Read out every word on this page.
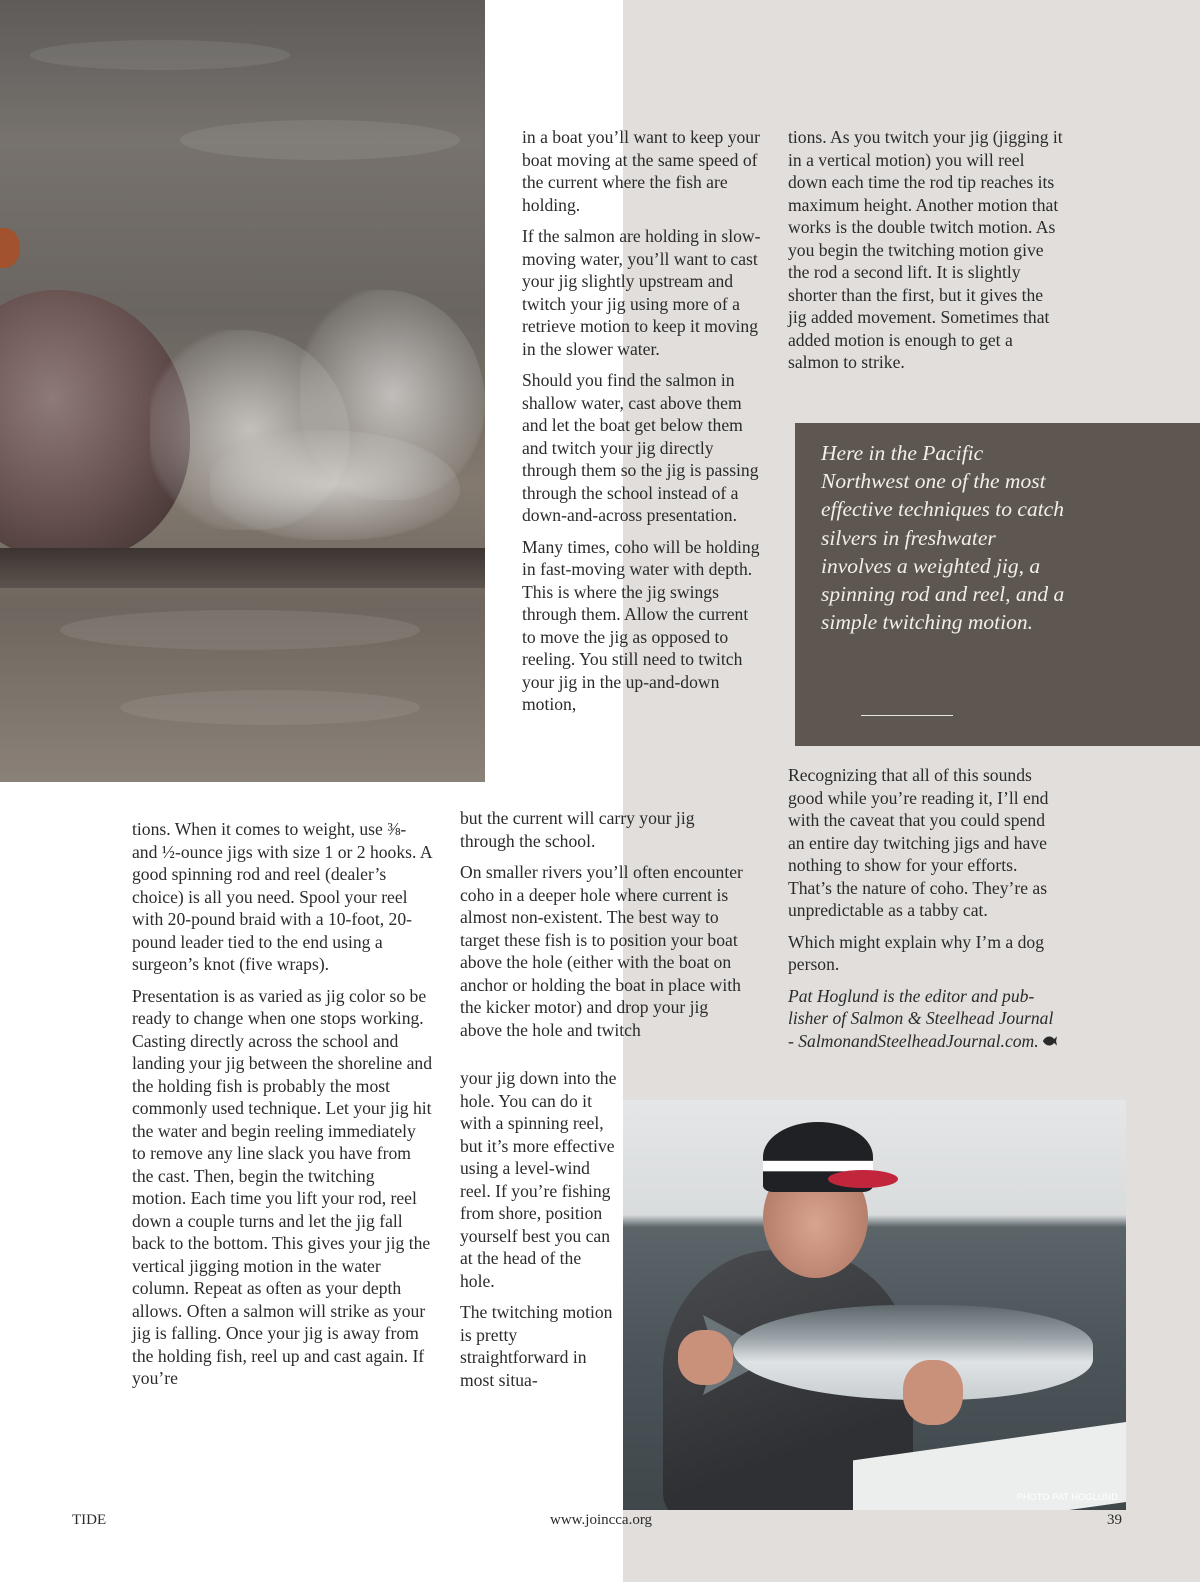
PHOTO PAT HOGLUND

tions. When it comes to weight, use ⅜- and ½-ounce jigs with size 1 or 2 hooks. A good spinning rod and reel (dealer’s choice) is all you need. Spool your reel with 20-pound braid with a 10-foot, 20-pound leader tied to the end using a surgeon’s knot (five wraps).

Presentation is as varied as jig color so be ready to change when one stops working. Casting directly across the school and landing your jig between the shoreline and the holding fish is probably the most commonly used technique. Let your jig hit the water and begin reeling immediately to remove any line slack you have from the cast. Then, begin the twitching motion. Each time you lift your rod, reel down a couple turns and let the jig fall back to the bottom. This gives your jig the vertical jigging motion in the water column. Repeat as often as your depth allows. Often a salmon will strike as your jig is falling. Once your jig is away from the holding fish, reel up and cast again. If you’re

in a boat you’ll want to keep your boat moving at the same speed of the current where the fish are holding.

If the salmon are holding in slow-moving water, you’ll want to cast your jig slightly upstream and twitch your jig using more of a retrieve motion to keep it moving in the slower water.

Should you find the salmon in shallow water, cast above them and let the boat get below them and twitch your jig directly through them so the jig is passing through the school instead of a down-and-across presentation.

Many times, coho will be holding in fast-moving water with depth. This is where the jig swings through them. Allow the current to move the jig as opposed to reeling. You still need to twitch your jig in the up-and-down motion,

but the current will carry your jig through the school.

On smaller rivers you’ll often encounter coho in a deeper hole where current is almost non-existent. The best way to target these fish is to position your boat above the hole (either with the boat on anchor or holding the boat in place with the kicker motor) and drop your jig above the hole and twitch

your jig down into the hole. You can do it with a spinning reel, but it’s more effective using a level-wind reel. If you’re fishing from shore, position yourself best you can at the head of the hole.

The twitching motion is pretty straightforward in most situa-

tions. As you twitch your jig (jigging it in a vertical motion) you will reel down each time the rod tip reaches its maximum height. Another motion that works is the double twitch motion. As you begin the twitching motion give the rod a second lift. It is slightly shorter than the first, but it gives the jig added movement. Sometimes that added motion is enough to get a salmon to strike.

Here in the Pacific Northwest one of the most effective techniques to catch silvers in freshwater involves a weighted jig, a spinning rod and reel, and a simple twitching motion.

Recognizing that all of this sounds good while you’re reading it, I’ll end with the caveat that you could spend an entire day twitching jigs and have nothing to show for your efforts. That’s the nature of coho. They’re as unpredictable as a tabby cat.

Which might explain why I’m a dog person.

Pat Hoglund is the editor and publisher of Salmon & Steelhead Journal - SalmonandSteelheadJournal.com.

TIDE	www.joincca.org	39
